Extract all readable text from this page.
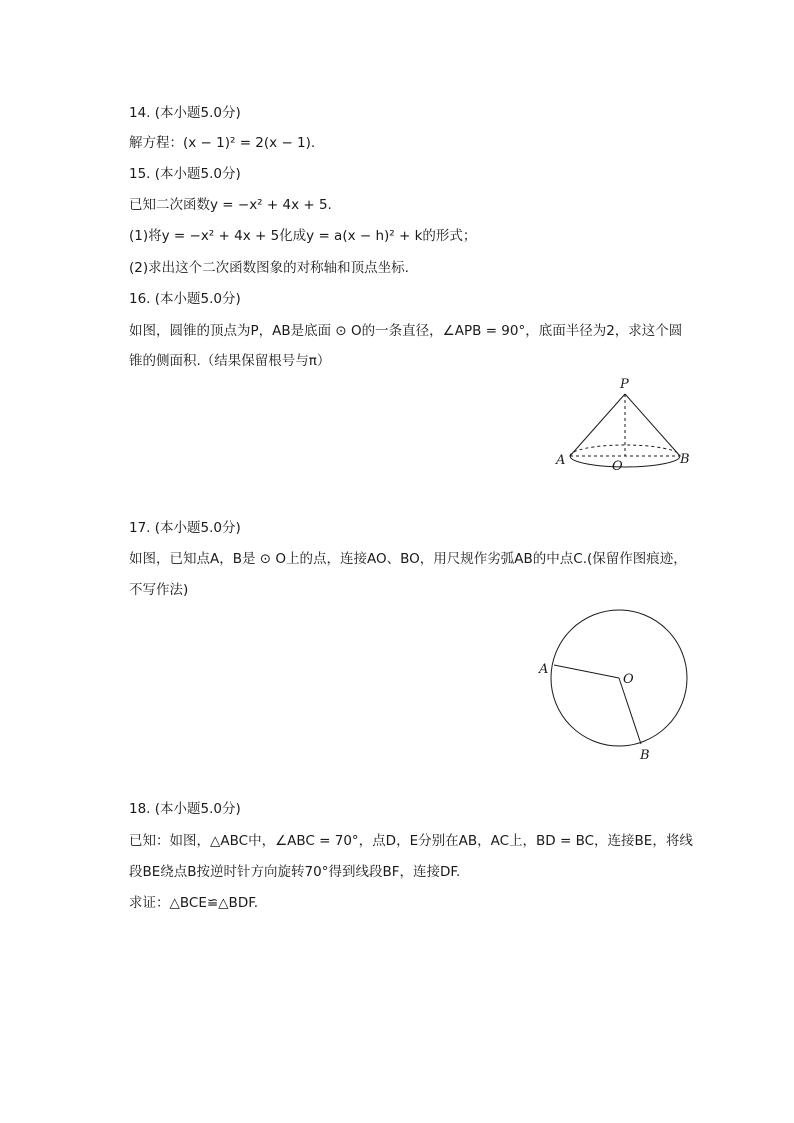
14. (本小题5.0分)
解方程：(x − 1)² = 2(x − 1).
15. (本小题5.0分)
已知二次函数y = −x² + 4x + 5.
(1)将y = −x² + 4x + 5化成y = a(x − h)² + k的形式；
(2)求出这个二次函数图象的对称轴和顶点坐标.
16. (本小题5.0分)
如图，圆锥的顶点为P，AB是底面 ⊙ O的一条直径，∠APB = 90°，底面半径为2，求这个圆
锥的侧面积.（结果保留根号与π）
P
A	O	B
17. (本小题5.0分)
如图，已知点A，B是 ⊙ O上的点，连接AO、BO，用尺规作劣弧AB的中点C.(保留作图痕迹，
不写作法)
A
O
B
18. (本小题5.0分)
已知：如图，△ABC中，∠ABC = 70°，点D，E分别在AB，AC上，BD = BC，连接BE，将线
段BE绕点B按逆时针方向旋转70°得到线段BF，连接DF.
求证：△BCE≌△BDF.
